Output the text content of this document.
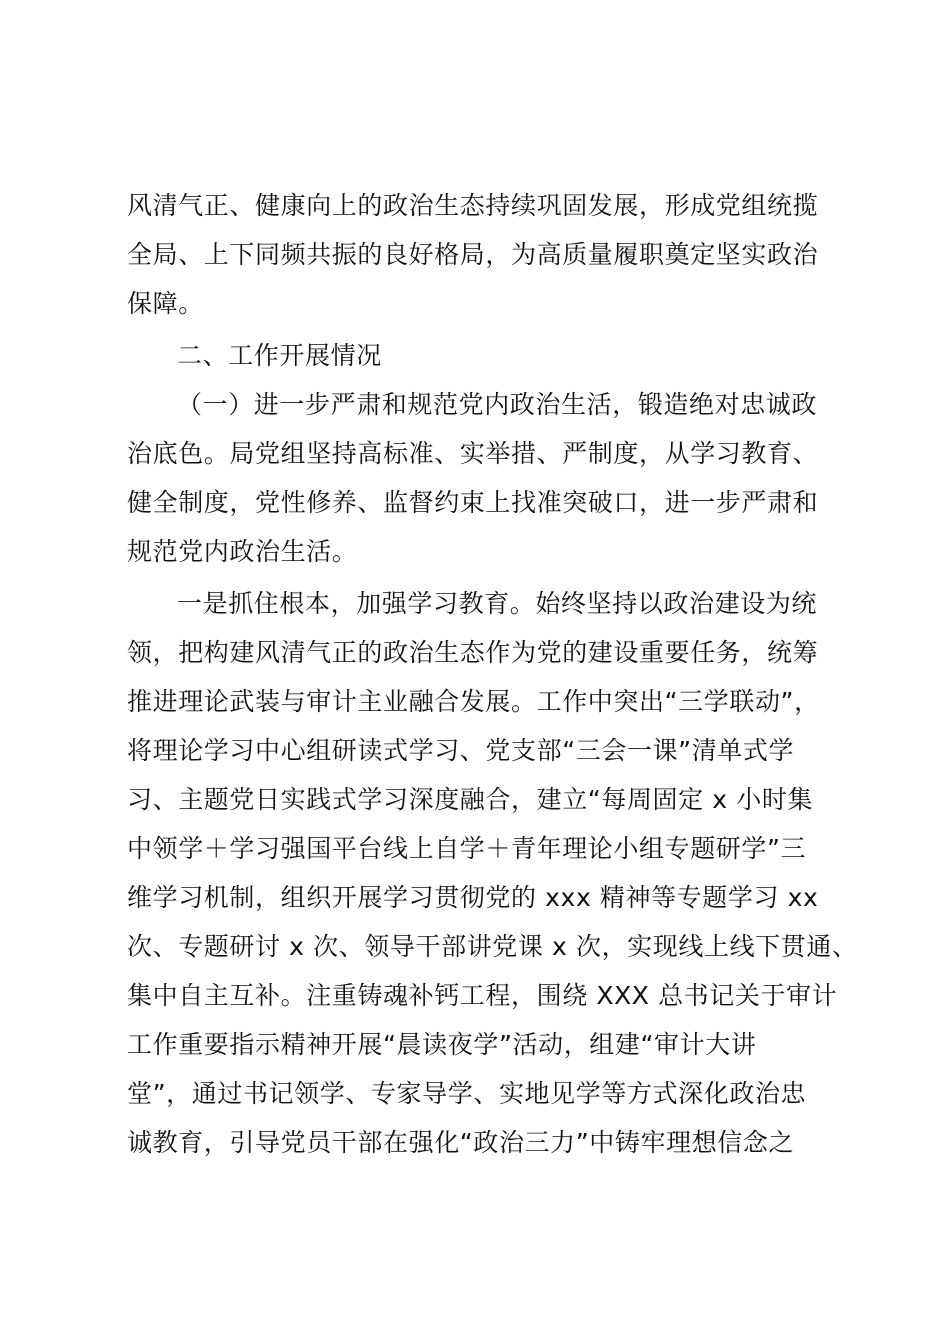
风清气正、健康向上的政治生态持续巩固发展，形成党组统揽
全局、上下同频共振的良好格局，为高质量履职奠定坚实政治
保障。
二、工作开展情况
（一）进一步严肃和规范党内政治生活，锻造绝对忠诚政
治底色。局党组坚持高标准、实举措、严制度，从学习教育、
健全制度，党性修养、监督约束上找准突破口，进一步严肃和
规范党内政治生活。
一是抓住根本，加强学习教育。始终坚持以政治建设为统
领，把构建风清气正的政治生态作为党的建设重要任务，统筹
推进理论武装与审计主业融合发展。工作中突出“三学联动”，
将理论学习中心组研读式学习、党支部“三会一课”清单式学
习、主题党日实践式学习深度融合，建立“每周固定 x 小时集
中领学＋学习强国平台线上自学＋青年理论小组专题研学”三
维学习机制，组织开展学习贯彻党的 xxx 精神等专题学习 xx
次、专题研讨 x 次、领导干部讲党课 x 次，实现线上线下贯通、
集中自主互补。注重铸魂补钙工程，围绕 XXX 总书记关于审计
工作重要指示精神开展“晨读夜学”活动，组建“审计大讲
堂”，通过书记领学、专家导学、实地见学等方式深化政治忠
诚教育，引导党员干部在强化“政治三力”中铸牢理想信念之
